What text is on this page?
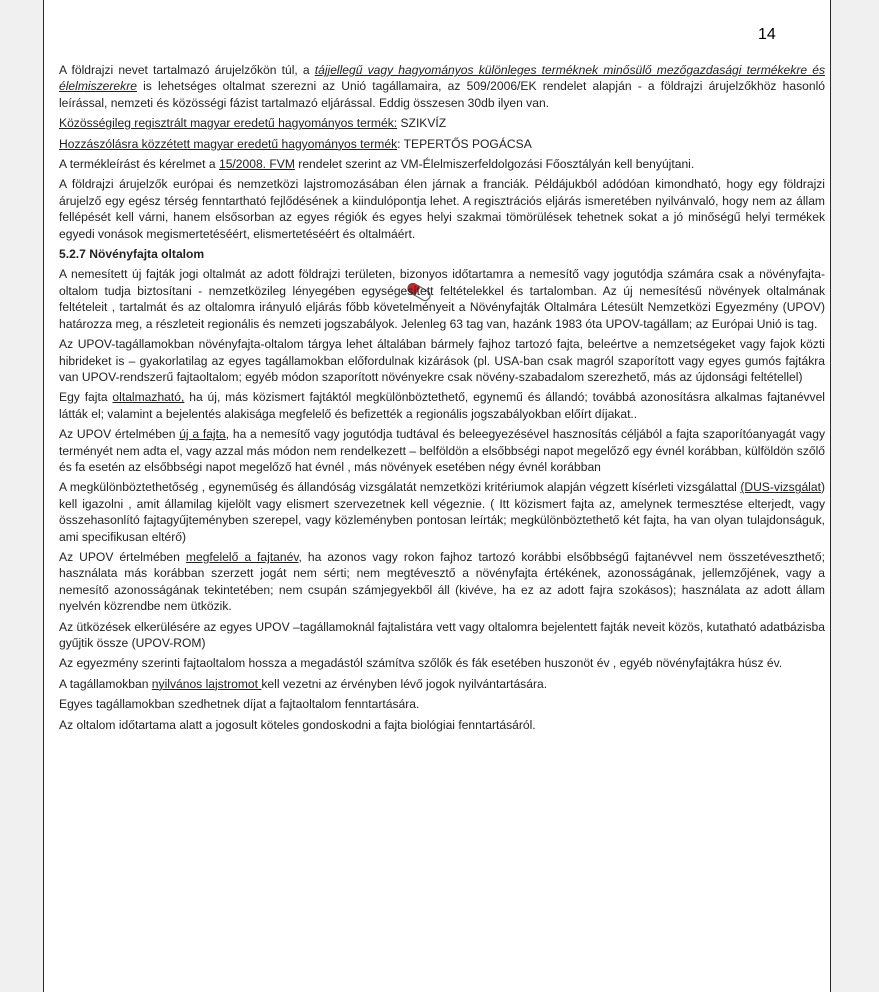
14

A földrajzi nevet tartalmazó árujelzőkön túl, a tájjellegű vagy hagyományos különleges terméknek minősülő mezőgazdasági termékekre és élelmiszerekre is lehetséges oltalmat szerezni az Unió tagállamaira, az 509/2006/EK rendelet alapján - a földrajzi árujelzőkhöz hasonló leírással, nemzeti és közösségi fázist tartalmazó eljárással. Eddig összesen 30db ilyen van.

Közösségileg regisztrált magyar eredetű hagyományos termék: SZIKVÍZ

Hozzászólásra közzétett magyar eredetű hagyományos termék: TEPERTŐS POGÁCSA

A termékleírást és kérelmet a 15/2008. FVM rendelet szerint az VM-Élelmiszerfeldolgozási Főosztályán kell benyújtani.

A földrajzi árujelzők európai és nemzetközi lajstromozásában élen járnak a franciák. Példájukból adódóan kimondható, hogy egy földrajzi árujelző egy egész térség fenntartható fejlődésének a kiindulópontja lehet. A regisztrációs eljárás ismeretében nyilvánvaló, hogy nem az állam fellépését kell várni, hanem elsősorban az egyes régiók és egyes helyi szakmai tömörülések tehetnek sokat a jó minőségű helyi termékek egyedi vonások megismertetéséért, elismertetéséért és oltalmáért.

5.2.7 Növényfajta oltalom

A nemesített új fajták jogi oltalmát az adott földrajzi területen, bizonyos időtartamra a nemesítő vagy jogutódja számára csak a növényfajta-oltalom tudja biztosítani - nemzetközileg lényegében egységesített feltételekkel és tartalomban. Az új nemesítésű növények oltalmának feltételeit , tartalmát és az oltalomra irányuló eljárás főbb követelményeit a Növényfajták Oltalmára Létesült Nemzetközi Egyezmény (UPOV) határozza meg, a részleteit regionális és nemzeti jogszabályok. Jelenleg 63 tag van, hazánk 1983 óta UPOV-tagállam; az Európai Unió is tag.

Az UPOV-tagállamokban növényfajta-oltalom tárgya lehet általában bármely fajhoz tartozó fajta, beleértve a nemzetségeket vagy fajok közti hibrideket is – gyakorlatilag az egyes tagállamokban előfordulnak kizárások (pl. USA-ban csak magról szaporított vagy egyes gumós fajtákra van UPOV-rendszerű fajtaoltalom; egyéb módon szaporított növényekre csak növény-szabadalom szerezhető, más az újdonsági feltétellel)

Egy fajta oltalmazható, ha új, más közismert fajtáktól megkülönböztethető, egynemű és állandó; továbbá azonosításra alkalmas fajtanévvel látták el; valamint a bejelentés alakisága megfelelő és befizették a regionális jogszabályokban előírt díjakat..

Az UPOV értelmében új a fajta, ha a nemesítő vagy jogutódja tudtával és beleegyezésével hasznosítás céljából a fajta szaporítóanyagát vagy terményét nem adta el, vagy azzal más módon nem rendelkezett – belföldön a elsőbbségi napot megelőző egy évnél korábban, külföldön szőlő és fa esetén az elsőbbségi napot megelőző hat évnél , más növények esetében négy évnél korábban

A megkülönböztethetőség , egyneműség és állandóság vizsgálatát nemzetközi kritériumok alapján végzett kísérleti vizsgálattal (DUS-vizsgálat) kell igazolni , amit államilag kijelölt vagy elismert szervezetnek kell végeznie. ( Itt közismert fajta az, amelynek termesztése elterjedt, vagy összehasonlító fajtagyűjteményben szerepel, vagy közleményben pontosan leírták; megkülönböztethető két fajta, ha van olyan tulajdonságuk, ami specifikusan eltérő)

Az UPOV értelmében megfelelő a fajtanév, ha azonos vagy rokon fajhoz tartozó korábbi elsőbbségű fajtanévvel nem összetéveszthető; használata más korábban szerzett jogát nem sérti; nem megtéveszt​ő a növényfajta értékének, azonosságának, jellemzőjének, vagy a nemesítő azonosságának tekintetében; nem csupán számjegyekből áll (kivéve, ha ez az adott fajra szokásos); használata az adott állam nyelvén közrendbe nem ütközik.

Az ütközések elkerülésére az egyes UPOV –tagállamoknál fajtalistára vett vagy oltalomra bejelentett fajták neveit közös, kutatható adatbázisba gyűjtik össze (UPOV-ROM)

Az egyezmény szerinti fajtaoltalom hossza a megadástól számítva szőlők és fák esetében huszonöt év , egyéb növényfajtákra húsz év.

A tagállamokban nyilvános lajstromot kell vezetni az érvényben lévő jogok nyilvántartására.

Egyes tagállamokban szedhetnek díjat a fajtaoltalom fenntartására.

Az oltalom időtartama alatt a jogosult köteles gondoskodni a fajta biológiai fenntartásáról.
